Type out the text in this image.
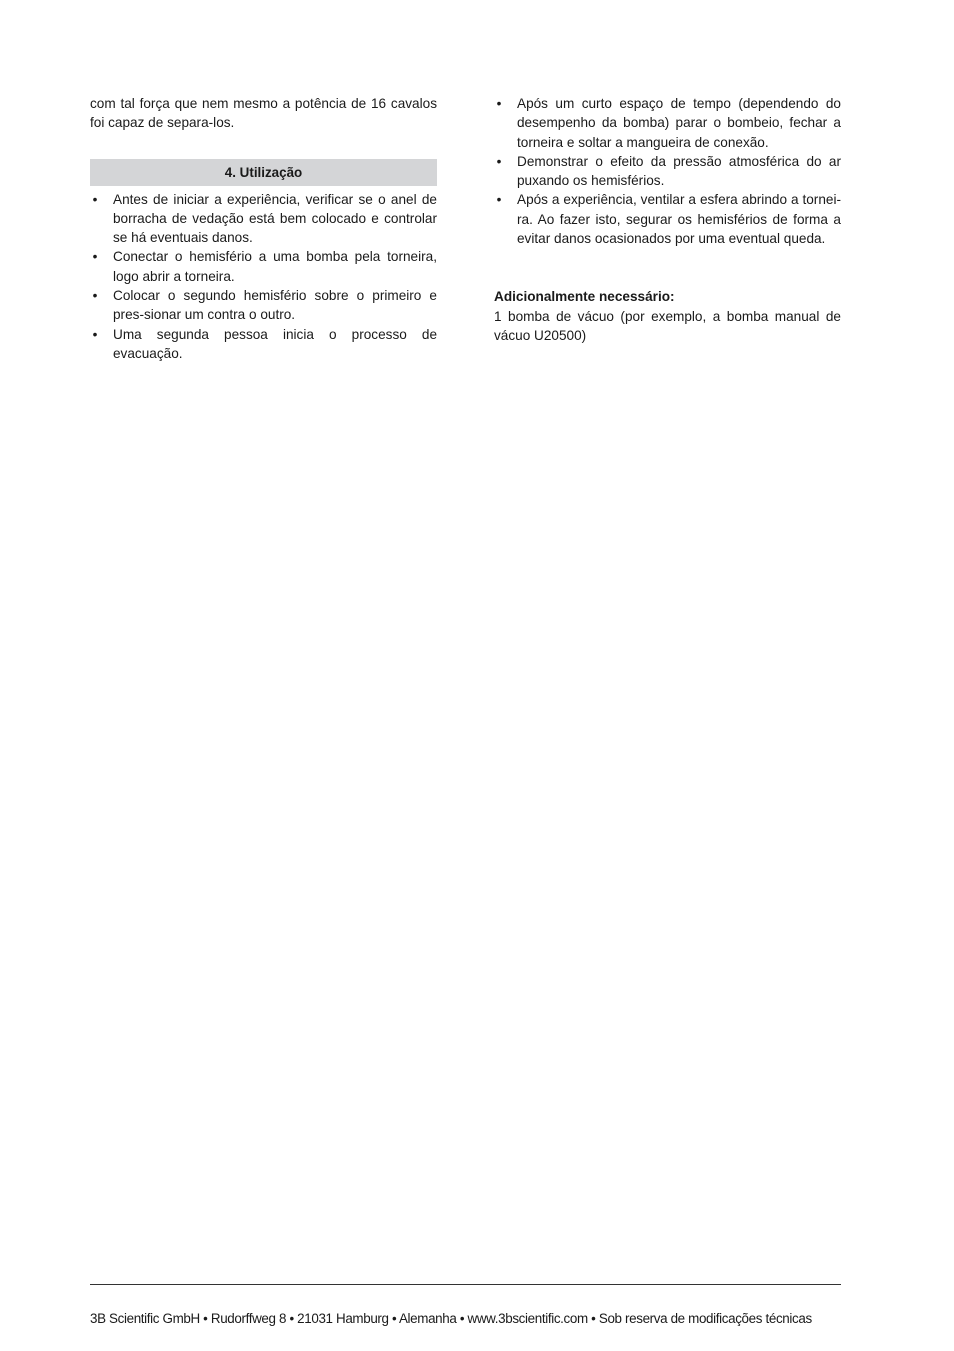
com tal força que nem mesmo a potência de 16 cavalos foi capaz de separa-los.

4. Utilização
• Antes de iniciar a experiência, verificar se o anel de borracha de vedação está bem colocado e controlar se há eventuais danos.
• Conectar o hemisfério a uma bomba pela torneira, logo abrir a torneira.
• Colocar o segundo hemisfério sobre o primeiro e pres-sionar um contra o outro.
• Uma segunda pessoa inicia o processo de evacuação.
• Após um curto espaço de tempo (dependendo do desempenho da bomba) parar o bombeio, fechar a torneira e soltar a mangueira de conexão.
• Demonstrar o efeito da pressão atmosférica do ar puxando os hemisférios.
• Após a experiência, ventilar a esfera abrindo a tornei-ra. Ao fazer isto, segurar os hemisférios de forma a evitar danos ocasionados por uma eventual queda.

Adicionalmente necessário:

1 bomba de vácuo (por exemplo, a bomba manual de vácuo U20500)

3B Scientific GmbH • Rudorffweg 8 • 21031 Hamburg • Alemanha • www.3bscientific.com • Sob reserva de modificações técnicas
